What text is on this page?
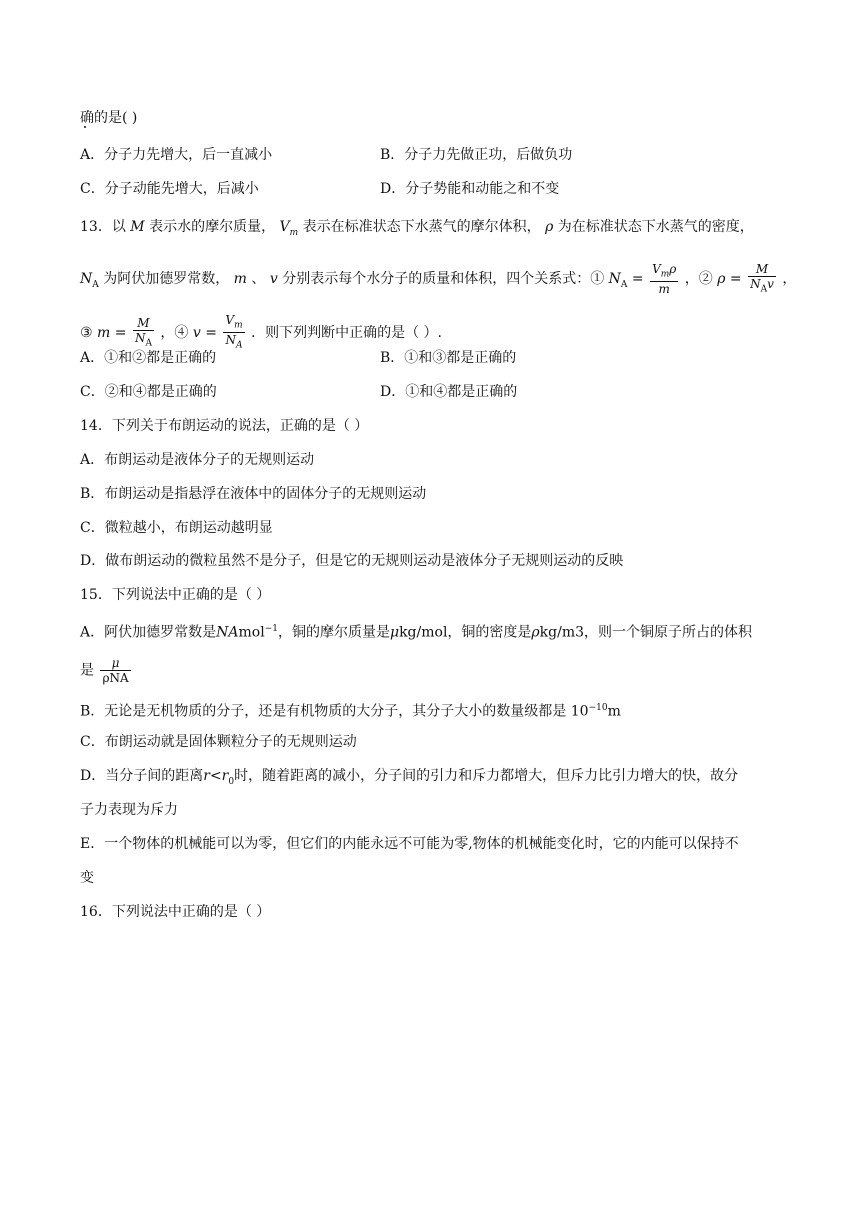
确的是( )
A．分子力先增大，后一直减小	B．分子力先做正功，后做负功
C．分子动能先增大，后减小	D．分子势能和动能之和不变
13．以 M 表示水的摩尔质量， $V_m$ 表示在标准状态下水蒸气的摩尔体积， ρ 为在标准状态下水蒸气的密度，
$N_A$ 为阿伏加德罗常数， m 、 v 分别表示每个水分子的质量和体积，四个关系式：① $N_A = \frac{V_m\rho}{m}$ ，② $\rho = \frac{M}{N_Av}$ ，
③ $m = \frac{M}{N_A}$ ，④ $v = \frac{V_m}{N_A}$ ．则下列判断中正确的是（ ）.
A．①和②都是正确的	B．①和③都是正确的
C．②和④都是正确的	D．①和④都是正确的
14．下列关于布朗运动的说法，正确的是（ ）
A．布朗运动是液体分子的无规则运动
B．布朗运动是指悬浮在液体中的固体分子的无规则运动
C．微粒越小，布朗运动越明显
D．做布朗运动的微粒虽然不是分子，但是它的无规则运动是液体分子无规则运动的反映
15．下列说法中正确的是（ ）
A．阿伏加德罗常数是NAmol$^{-1}$，铜的摩尔质量是μkg/mol，铜的密度是ρkg/m3，则一个铜原子所占的体积
是 $\frac{\mu}{\text{ρNA}}$
B．无论是无机物质的分子，还是有机物质的大分子，其分子大小的数量级都是 $10^{-10}m$
C．布朗运动就是固体颗粒分子的无规则运动
D．当分子间的距离$r<r_0$时，随着距离的减小，分子间的引力和斥力都增大，但斥力比引力增大的快，故分
子力表现为斥力
E．一个物体的机械能可以为零，但它们的内能永远不可能为零,物体的机械能变化时，它的内能可以保持不
变
16．下列说法中正确的是（ ）
